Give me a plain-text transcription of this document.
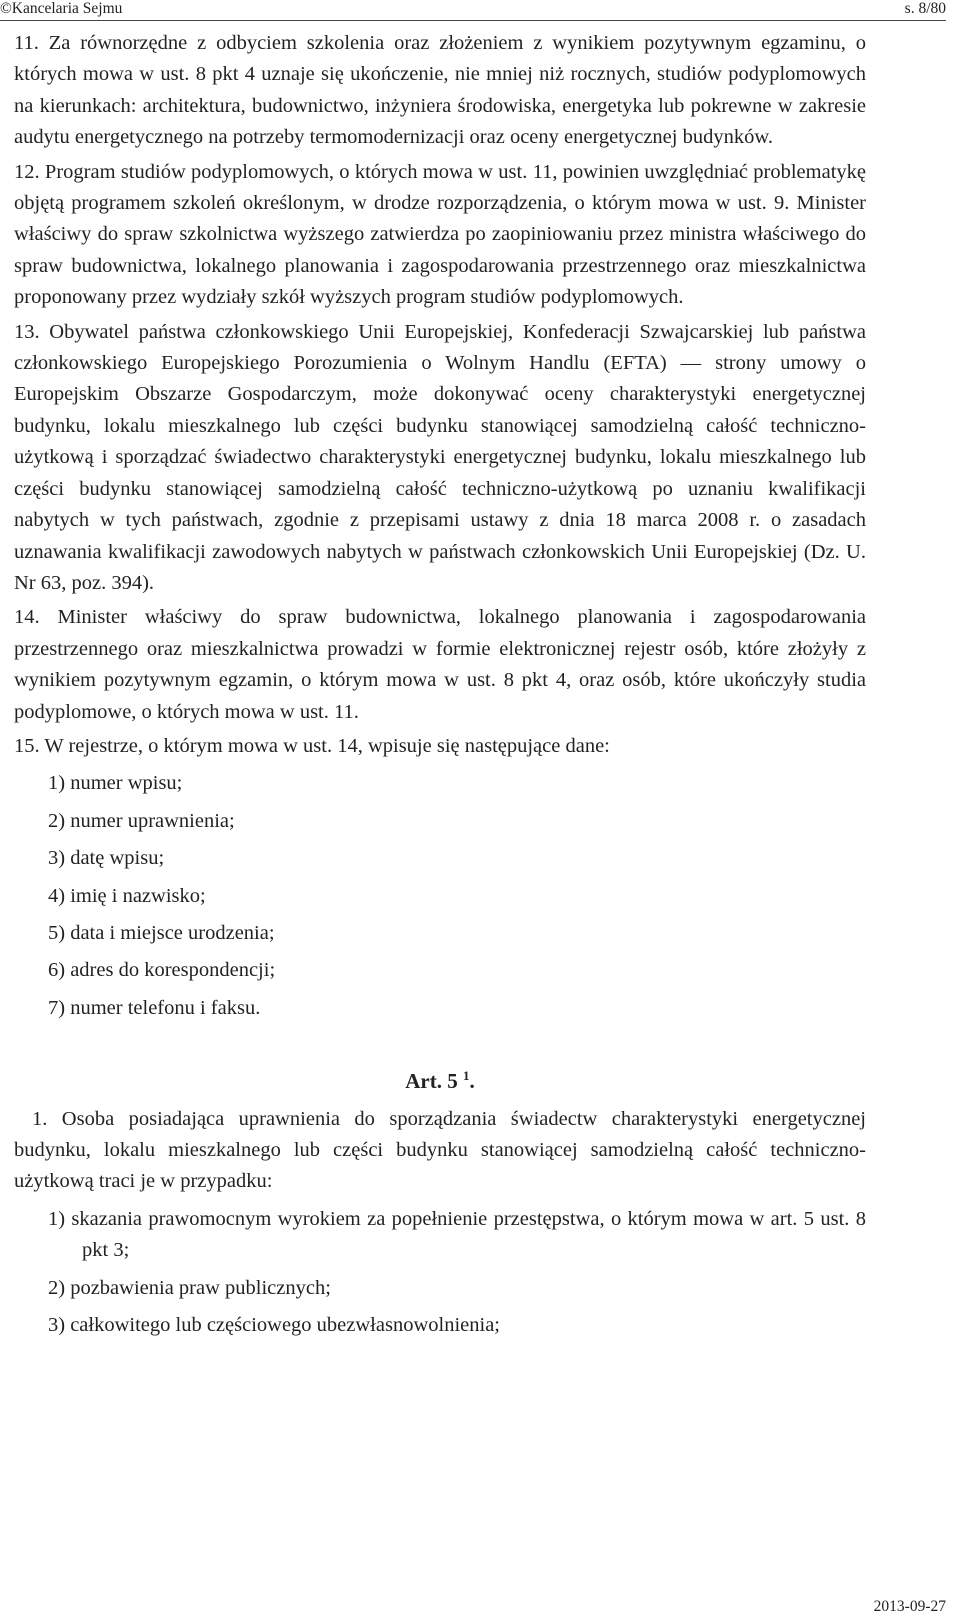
©Kancelaria Sejmu	s. 8/80

11. Za równorzędne z odbyciem szkolenia oraz złożeniem z wynikiem pozytywnym egzaminu, o których mowa w ust. 8 pkt 4 uznaje się ukończenie, nie mniej niż rocznych, studiów podyplomowych na kierunkach: architektura, budownictwo, inżyniera środowiska, energetyka lub pokrewne w zakresie audytu energetycznego na potrzeby termomodernizacji oraz oceny energetycznej budynków.

12. Program studiów podyplomowych, o których mowa w ust. 11, powinien uwzględniać problematykę objętą programem szkoleń określonym, w drodze rozporządzenia, o którym mowa w ust. 9. Minister właściwy do spraw szkolnictwa wyższego zatwierdza po zaopiniowaniu przez ministra właściwego do spraw budownictwa, lokalnego planowania i zagospodarowania przestrzennego oraz mieszkalnictwa proponowany przez wydziały szkół wyższych program studiów podyplomowych.

13. Obywatel państwa członkowskiego Unii Europejskiej, Konfederacji Szwajcarskiej lub państwa członkowskiego Europejskiego Porozumienia o Wolnym Handlu (EFTA) — strony umowy o Europejskim Obszarze Gospodarczym, może dokonywać oceny charakterystyki energetycznej budynku, lokalu mieszkalnego lub części budynku stanowiącej samodzielną całość techniczno-użytkową i sporządzać świadectwo charakterystyki energetycznej budynku, lokalu mieszkalnego lub części budynku stanowiącej samodzielną całość techniczno-użytkową po uznaniu kwalifikacji nabytych w tych państwach, zgodnie z przepisami ustawy z dnia 18 marca 2008 r. o zasadach uznawania kwalifikacji zawodowych nabytych w państwach członkowskich Unii Europejskiej (Dz. U. Nr 63, poz. 394).

14. Minister właściwy do spraw budownictwa, lokalnego planowania i zagospodarowania przestrzennego oraz mieszkalnictwa prowadzi w formie elektronicznej rejestr osób, które złożyły z wynikiem pozytywnym egzamin, o którym mowa w ust. 8 pkt 4, oraz osób, które ukończyły studia podyplomowe, o których mowa w ust. 11.

15. W rejestrze, o którym mowa w ust. 14, wpisuje się następujące dane:

1) numer wpisu;
2) numer uprawnienia;
3) datę wpisu;
4) imię i nazwisko;
5) data i miejsce urodzenia;
6) adres do korespondencji;
7) numer telefonu i faksu.
Art. 5 $^1$.

1. Osoba posiadająca uprawnienia do sporządzania świadectw charakterystyki energetycznej budynku, lokalu mieszkalnego lub części budynku stanowiącej samodzielną całość techniczno-użytkową traci je w przypadku:

1) skazania prawomocnym wyrokiem za popełnienie przestępstwa, o którym mowa w art. 5 ust. 8 pkt 3;
2) pozbawienia praw publicznych;
3) całkowitego lub częściowego ubezwłasnowolnienia;
2013-09-27
